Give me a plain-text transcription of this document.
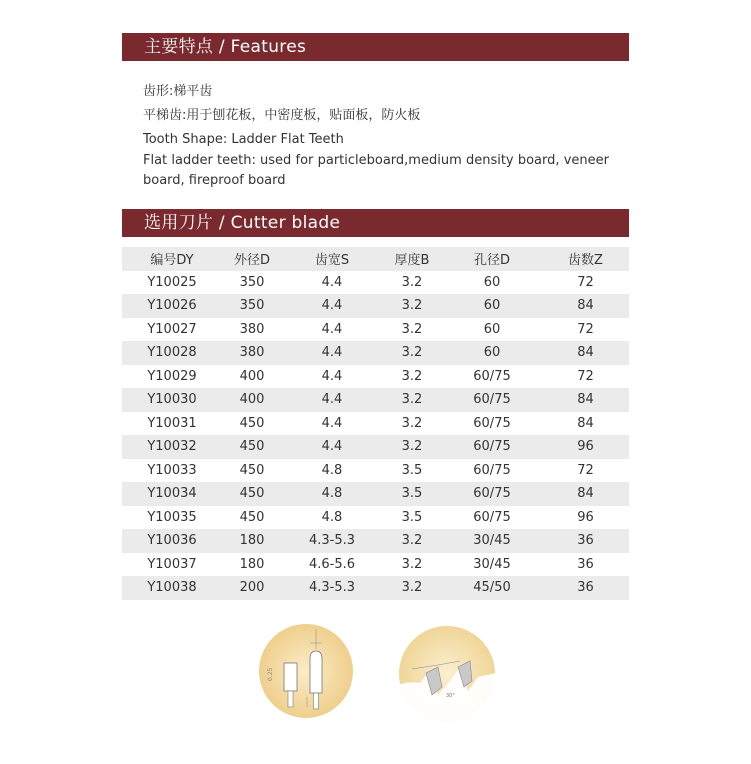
主要特点 / Features
齿形:梯平齿
平梯齿:用于刨花板，中密度板，贴面板，防火板
Tooth Shape: Ladder Flat Teeth
Flat ladder teeth: used for particleboard,medium density board, veneer board, fireproof board
选用刀片 / Cutter blade
编号DY	外径D	齿宽S	厚度B	孔径D	齿数Z
Y10025	350	4.4	3.2	60	72
Y10026	350	4.4	3.2	60	84
Y10027	380	4.4	3.2	60	72
Y10028	380	4.4	3.2	60	84
Y10029	400	4.4	3.2	60/75	72
Y10030	400	4.4	3.2	60/75	84
Y10031	450	4.4	3.2	60/75	84
Y10032	450	4.4	3.2	60/75	96
Y10033	450	4.8	3.5	60/75	72
Y10034	450	4.8	3.5	60/75	84
Y10035	450	4.8	3.5	60/75	96
Y10036	180	4.3-5.3	3.2	30/45	36
Y10037	180	4.6-5.6	3.2	30/45	36
Y10038	200	4.3-5.3	3.2	45/50	36
0.25
30°
